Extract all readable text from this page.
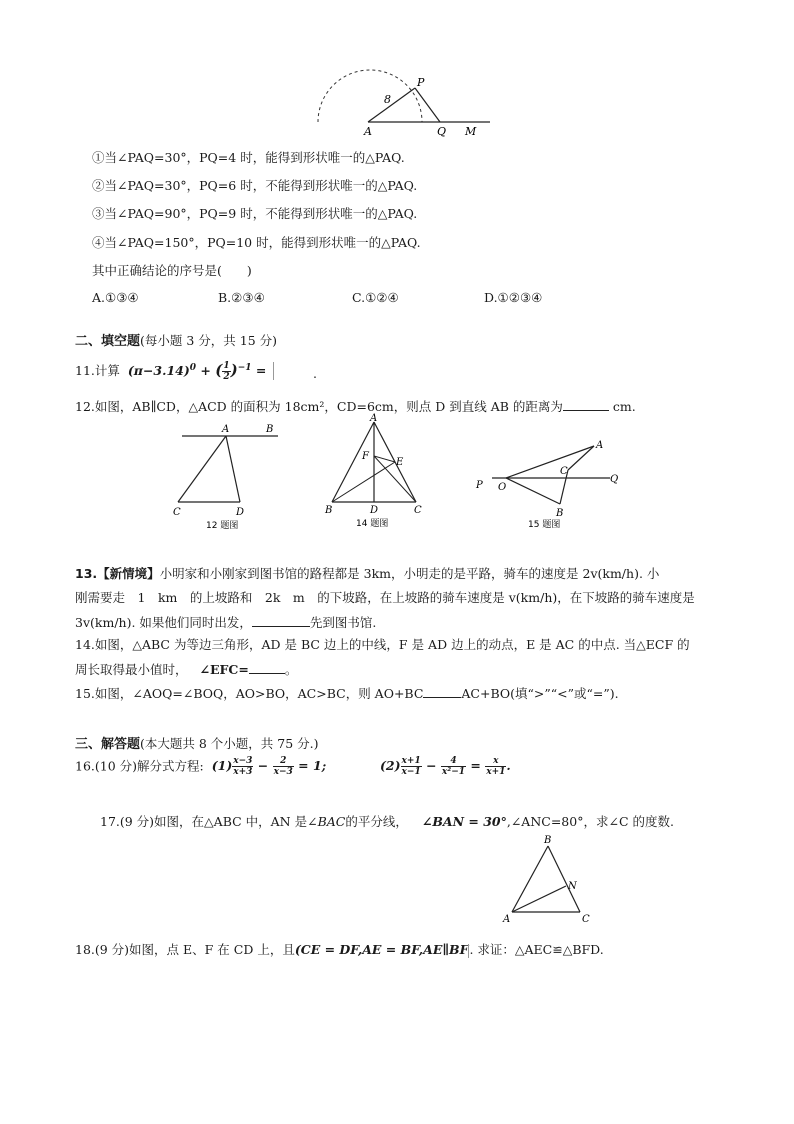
8
P
A	Q M
①当∠PAQ=30°，PQ=4 时，能得到形状唯一的△PAQ.
②当∠PAQ=30°，PQ=6 时，不能得到形状唯一的△PAQ.
③当∠PAQ=90°，PQ=9 时，不能得到形状唯一的△PAQ.
④当∠PAQ=150°，PQ=10 时，能得到形状唯一的△PAQ.
其中正确结论的序号是(　　)
A.①③④	B.②③④	C.①②④	D.①②③④
二、填空题(每小题 3 分，共 15 分)
11.计算 $(\pi-3.14)^0$ + ( $\frac{1}{2} )^{-1}$ =	.
12.如图，AB∥CD，△ACD 的面积为 18cm²，CD=6cm，则点 D 到直线 AB 的距离为	cm.
A	B
C	D
12 题图
A
F
E
B	D	C
14 题图
A
C
P O
Q
B
15 题图
13.【新情境】小明家和小刚家到图书馆的路程都是 3km，小明走的是平路，骑车的速度是 2v(km/h). 小
刚需要走　1　km　的上坡路和　2k　m　的下坡路，在上坡路的骑车速度是 v(km/h)，在下坡路的骑车速度是
3v(km/h). 如果他们同时出发，	先到图书馆.
14.如图，△ABC 为等边三角形，AD 是 BC 边上的中线，F 是 AD 边上的动点，E 是 AC 的中点. 当△ECF 的
周长取得最小值时， ∠EFC=	。
15.如图，∠AOQ=∠BOQ，AO>BO，AC>BC，则 AO+BC	AC+BO(填“>”“<”或“=”).
三、解答题(本大题共 8 个小题，共 75 分.)
16.(10 分)解分式方程: $(1) \frac{x-3}{x+3} - \frac{2}{x-3} = 1$;	$(2) \frac{x+1}{x-1} - \frac{4}{\text{x²−1}} = \frac{x}{x+1}$ .
17.(9 分)如图，在△ABC 中，AN 是∠BAC的平分线， ∠BAN = 30°,∠ANC=80°，求∠C 的度数.
B
N
A	C
18.(9 分)如图，点 E、F 在 CD 上，且(CE = DF,AE = BF,AE∥BF. 求证：△AEC≌△BFD.
